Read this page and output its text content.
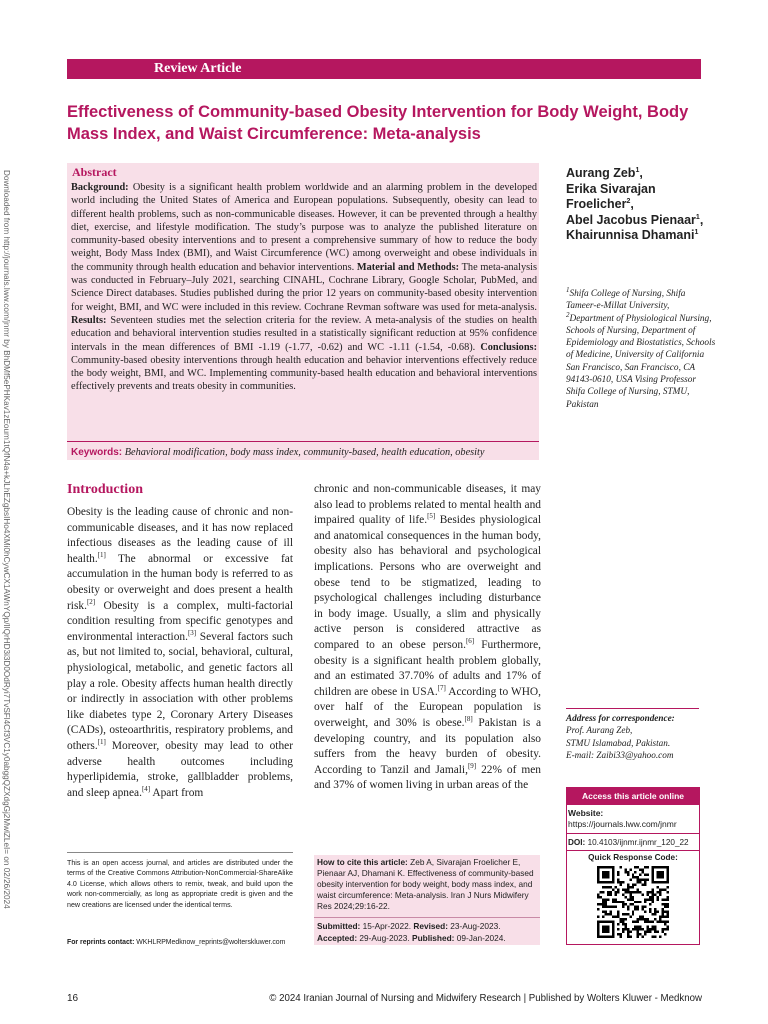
Review Article
Effectiveness of Community-based Obesity Intervention for Body Weight, Body Mass Index, and Waist Circumference: Meta-analysis
Downloaded from http://journals.lww.com/jnmr by BhDMf5ePHKav1zEoum1tQfN4a+kJLhEZgbsIHo4XMi0hCywCX1AWnYQp/IlQrHD3i3D0OdRyi7TvSFl4Cf3VC1y0abggQZXdgGj2MwlZLeI= on 02/26/2024	Abstract
Background: Obesity is a significant health problem worldwide and an alarming problem in the developed world including the United States of America and European populations. Subsequently, obesity can lead to different health problems, such as non-communicable diseases. However, it can be prevented through a healthy diet, exercise, and lifestyle modification. The study’s purpose was to analyze the published literature on community-based obesity interventions and to present a comprehensive summary of how to reduce the body weight, Body Mass Index (BMI), and Waist Circumference (WC) among overweight and obese individuals in the community through health education and behavior interventions. Material and Methods: The meta-analysis was conducted in February–July 2021, searching CINAHL, Cochrane Library, Google Scholar, PubMed, and Science Direct databases. Studies published during the prior 12 years on community-based obesity intervention for weight, BMI, and WC were included in this review. Cochrane Revman software was used for meta-analysis. Results: Seventeen studies met the selection criteria for the review. A meta-analysis of the studies on health education and behavioral intervention studies resulted in a statistically significant reduction at 95% confidence intervals in the mean differences of BMI -1.19 (-1.77, -0.62) and WC -1.11 (-1.54, -0.68). Conclusions: Community-based obesity interventions through health education and behavior interventions effectively reduce the body weight, BMI, and WC. Implementing community-based health education and behavioral interventions effectively prevents and treats obesity in communities.
Keywords: Behavioral modification, body mass index, community-based, health education, obesity
Aurang Zeb$^1$,
Erika Sivarajan Froelicher$^2$,
Abel Jacobus Pienaar$^1$,
Khairunnisa Dhamani$^1$
$^1$Shifa College of Nursing, Shifa Tameer-e-Millat University, $^2$Department of Physiological Nursing, Schools of Nursing, Department of Epidemiology and Biostatistics, Schools of Medicine, University of California San Francisco, San Francisco, CA 94143-0610, USA Vising Professor Shifa College of Nursing, STMU, Pakistan
Introduction
Obesity is the leading cause of chronic and non-communicable diseases, and it has now replaced infectious diseases as the leading cause of ill health.[1] The abnormal or excessive fat accumulation in the human body is referred to as obesity or overweight and does present a health risk.[2] Obesity is a complex, multi-factorial condition resulting from specific genotypes and environmental interaction.[3] Several factors such as, but not limited to, social, behavioral, cultural, physiological, metabolic, and genetic factors all play a role. Obesity affects human health directly or indirectly in association with other problems like diabetes type 2, Coronary Artery Diseases (CADs), osteoarthritis, respiratory problems, and others.[1] Moreover, obesity may lead to other adverse health outcomes including hyperlipidemia, stroke, gallbladder problems, and sleep apnea.[4] Apart from
chronic and non-communicable diseases, it may also lead to problems related to mental health and impaired quality of life.[5] Besides physiological and anatomical consequences in the human body, obesity also has behavioral and psychological implications. Persons who are overweight and obese tend to be stigmatized, leading to psychological challenges including disturbance in body image. Usually, a slim and physically active person is considered attractive as compared to an obese person.[6] Furthermore, obesity is a significant health problem globally, and an estimated 37.70% of adults and 17% of children are obese in USA.[7] According to WHO, over half of the European population is overweight, and 30% is obese.[8] Pakistan is a developing country, and its population also suffers from the heavy burden of obesity. According to Tanzil and Jamali,[9] 22% of men and 37% of women living in urban areas of the
Address for correspondence:
Prof. Aurang Zeb,
STMU Islamabad, Pakistan.
E-mail: Zaibi33@yahoo.com
Access this article online
Website: https://journals.lww.com/jnmr
DOI: 10.4103/ijnmr.ijnmr_120_22
Quick Response Code:
This is an open access journal, and articles are distributed under the terms of the Creative Commons Attribution-NonCommercial-ShareAlike 4.0 License, which allows others to remix, tweak, and build upon the work non-commercially, as long as appropriate credit is given and the new creations are licensed under the identical terms.
For reprints contact: WKHLRPMedknow_reprints@wolterskluwer.com
How to cite this article: Zeb A, Sivarajan Froelicher E, Pienaar AJ, Dhamani K. Effectiveness of community-based obesity intervention for body weight, body mass index, and waist circumference: Meta-analysis. Iran J Nurs Midwifery Res 2024;29:16-22.
Submitted: 15-Apr-2022. Revised: 23-Aug-2023.
Accepted: 29-Aug-2023. Published: 09-Jan-2024.
16	© 2024 Iranian Journal of Nursing and Midwifery Research | Published by Wolters Kluwer - Medknow
